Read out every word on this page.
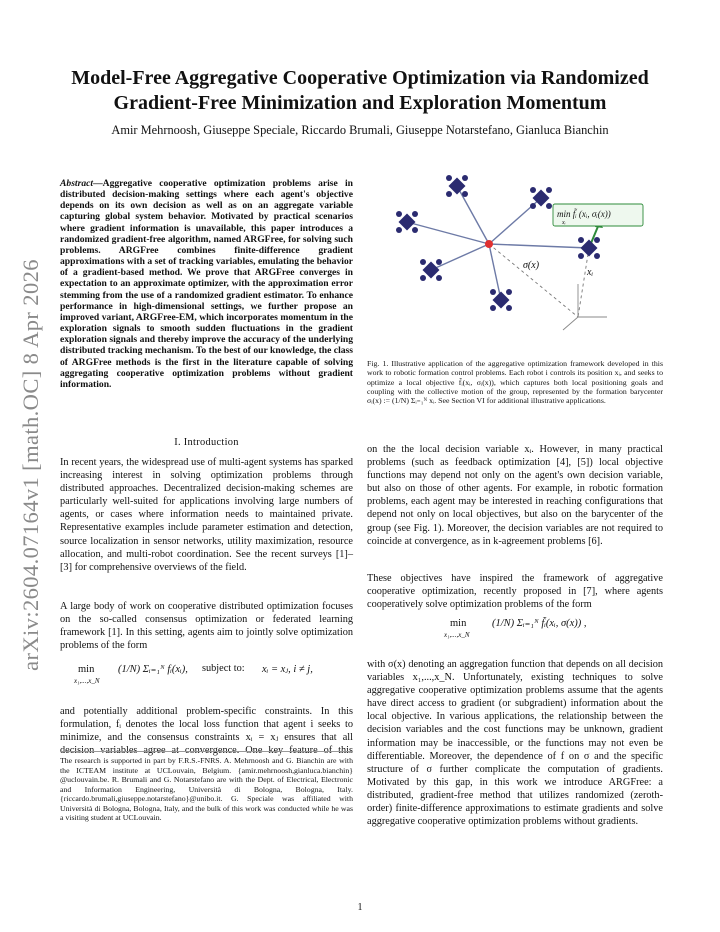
arXiv:2604.07164v1 [math.OC] 8 Apr 2026
Model-Free Aggregative Cooperative Optimization via Randomized
Gradient-Free Minimization and Exploration Momentum
Amir Mehrnoosh, Giuseppe Speciale, Riccardo Brumali, Giuseppe Notarstefano, Gianluca Bianchin
Abstract—Aggregative cooperative optimization problems arise in distributed decision-making settings where each agent's objective depends on its own decision as well as on an aggregate variable capturing global system behavior. Motivated by practical scenarios where gradient information is unavailable, this paper introduces a randomized gradient-free algorithm, named ARGFree, for solving such problems. ARGFree combines finite-difference gradient approximations with a set of tracking variables, emulating the behavior of a gradient-based method. We prove that ARGFree converges in expectation to an approximate optimizer, with the approximation error stemming from the use of a randomized gradient estimator. To enhance performance in high-dimensional settings, we further propose an improved variant, ARGFree-EM, which incorporates momentum in the exploration signals to smooth sudden fluctuations in the gradient exploration signals and thereby improve the accuracy of the underlying distributed tracking mechanism. To the best of our knowledge, the class of ARGFree methods is the first in the literature capable of solving aggregating cooperative optimization problems without gradient information.
I. Introduction
In recent years, the widespread use of multi-agent systems has sparked increasing interest in solving optimization problems through distributed approaches. Decentralized decision-making schemes are particularly well-suited for applications involving large numbers of agents, or cases where information needs to maintained private. Representative examples include parameter estimation and detection, source localization in sensor networks, utility maximization, resource allocation, and multi-robot coordination. See the recent surveys [1]–[3] for comprehensive overviews of the field.
A large body of work on cooperative distributed optimization focuses on the so-called consensus optimization or federated learning framework [1]. In this setting, agents aim to jointly solve optimization problems of the form
min
x₁,...,x_N
(1/N) Σᵢ₌₁ᴺ fᵢ(xᵢ), subject to: xᵢ = xⱼ, i ≠ j,
and potentially additional problem-specific constraints. In this formulation, fᵢ denotes the local loss function that agent i seeks to minimize, and the consensus constraints xᵢ = xⱼ ensures that all decision variables agree at convergence. One key feature of this
The research is supported in part by F.R.S.-FNRS. A. Mehrnoosh and G. Bianchin are with the ICTEAM institute at UCLouvain, Belgium. {amir.mehrnoosh,gianluca.bianchin} @uclouvain.be. R. Brumali and G. Notarstefano are with the Dept. of Electrical, Electronic and Information Engineering, Università di Bologna, Bologna, Italy. {riccardo.brumali,giuseppe.notarstefano}@unibo.it. G. Speciale was affiliated with Università di Bologna, Bologna, Italy, and the bulk of this work was conducted while he was a visiting student at UCLouvain.
min f̃ᵢ (xᵢ, σᵢ(x))
xᵢ
σ(x)
xᵢ
Fig. 1. Illustrative application of the aggregative optimization framework developed in this work to robotic formation control problems. Each robot i controls its position xᵢ, and seeks to optimize a local objective f̃ᵢ(xᵢ, σᵢ(x)), which captures both local positioning goals and coupling with the collective motion of the group, represented by the formation barycenter σᵢ(x) := (1/N) Σᵢ₌₁ᴺ xᵢ. See Section VI for additional illustrative applications.
on the the local decision variable xᵢ. However, in many practical problems (such as feedback optimization [4], [5]) local objective functions may depend not only on the agent's own decision variable, but also on those of other agents. For example, in robotic formation problems, each agent may be interested in reaching configurations that depend not only on local objectives, but also on the barycenter of the group (see Fig. 1). Moreover, the decision variables are not required to coincide at convergence, as in k-agreement problems [6].
These objectives have inspired the framework of aggregative cooperative optimization, recently proposed in [7], where agents cooperatively solve optimization problems of the form
min
x₁,...,x_N
(1/N) Σᵢ₌₁ᴺ f̃ᵢ(xᵢ, σ(x)) ,
with σ(x) denoting an aggregation function that depends on all decision variables x₁,...,x_N. Unfortunately, existing techniques to solve aggregative cooperative optimization problems assume that the agents have direct access to gradient (or subgradient) information about the local objective. In various applications, the relationship between the decision variables and the cost functions may be unknown, gradient information may be inaccessible, or the functions may not even be differentiable. Moreover, the dependence of f on σ and the specific structure of σ further complicate the computation of gradients. Motivated by this gap, in this work we introduce ARGFree: a distributed, gradient-free method that utilizes randomized (zeroth-order) finite-difference approximations to estimate gradients and solve aggregative cooperative optimization problems without gradients.
1
